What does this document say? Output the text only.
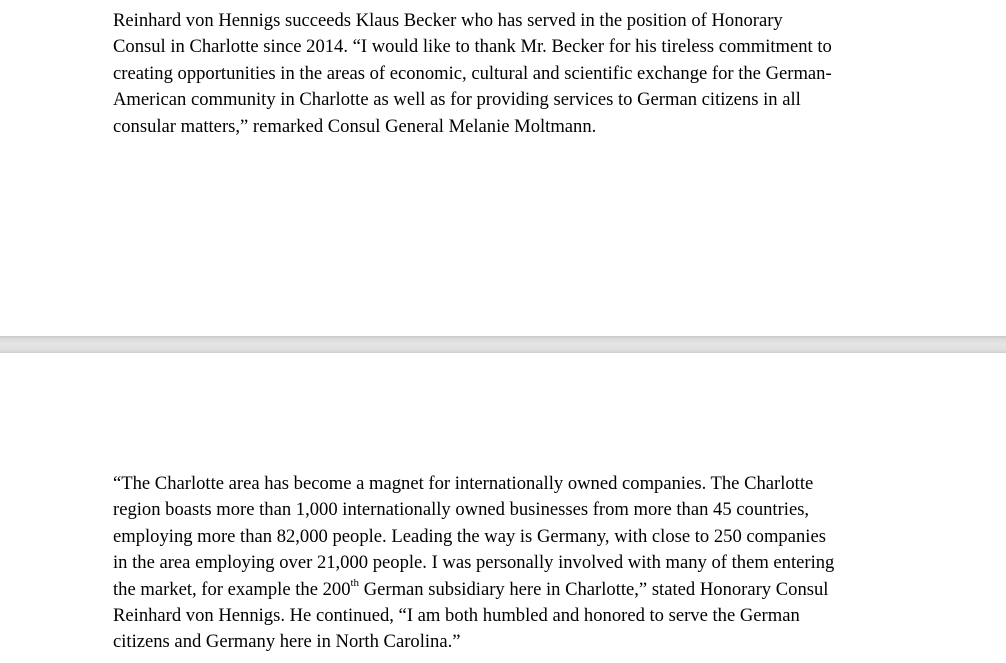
Reinhard von Hennigs succeeds Klaus Becker who has served in the position of Honorary
Consul in Charlotte since 2014. “I would like to thank Mr. Becker for his tireless commitment to
creating opportunities in the areas of economic, cultural and scientific exchange for the German-
American community in Charlotte as well as for providing services to German citizens in all
consular matters,” remarked Consul General Melanie Moltmann.

“The Charlotte area has become a magnet for internationally owned companies. The Charlotte
region boasts more than 1,000 internationally owned businesses from more than 45 countries,
employing more than 82,000 people. Leading the way is Germany, with close to 250 companies
in the area employing over 21,000 people. I was personally involved with many of them entering
the market, for example the 200th German subsidiary here in Charlotte,” stated Honorary Consul
Reinhard von Hennigs. He continued, “I am both humbled and honored to serve the German
citizens and Germany here in North Carolina.”
